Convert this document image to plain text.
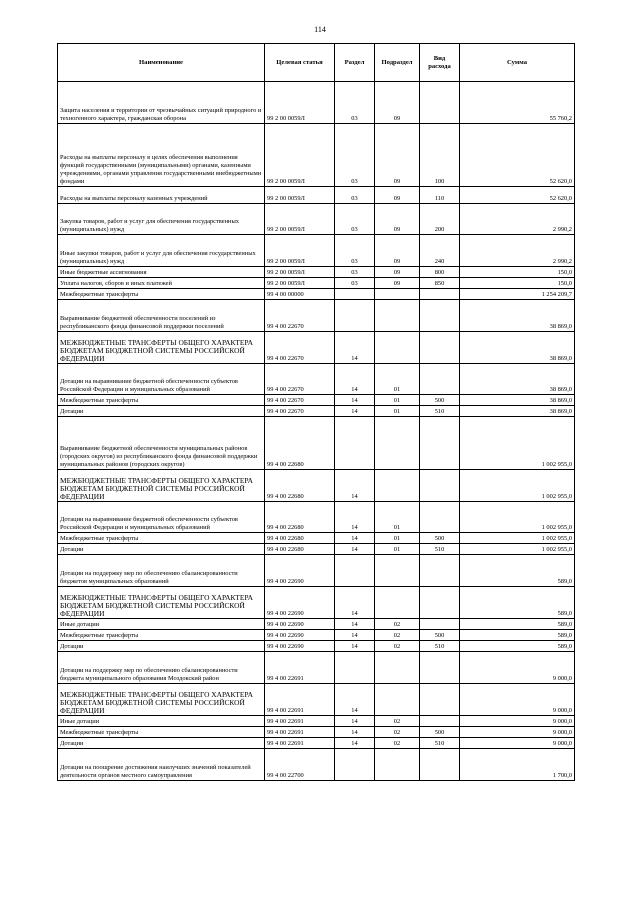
114
Наименование	Целевая статья	Раздел	Подраздел	Вид расхода	Сумма
Защита населения и территории от чрезвычайных ситуаций природного и техногенного характера, гражданская оборона	99 2 00 0059Л	03	09		55 760,2
Расходы на выплаты персоналу в целях обеспечения выполнения функций государственными (муниципальными) органами, казенными учреждениями, органами управления государственными внебюджетными фондами	99 2 00 0059Л	03	09	100	52 620,0
Расходы на выплаты персоналу казенных учреждений	99 2 00 0059Л	03	09	110	52 620,0
Закупка товаров, работ и услуг для обеспечения государственных (муниципальных) нужд	99 2 00 0059Л	03	09	200	2 990,2
Иные закупки товаров, работ и услуг для обеспечения государственных (муниципальных) нужд	99 2 00 0059Л	03	09	240	2 990,2
Иные бюджетные ассигнования	99 2 00 0059Л	03	09	800	150,0
Уплата налогов, сборов и иных платежей	99 2 00 0059Л	03	09	850	150,0
Межбюджетные трансферты	99 4 00 00000				1 254 209,7
Выравнивание бюджетной обеспеченности поселений из республиканского фонда финансовой поддержки поселений	99 4 00 22670				38 869,0
МЕЖБЮДЖЕТНЫЕ ТРАНСФЕРТЫ ОБЩЕГО ХАРАКТЕРА БЮДЖЕТАМ БЮДЖЕТНОЙ СИСТЕМЫ РОССИЙСКОЙ ФЕДЕРАЦИИ	99 4 00 22670	14			38 869,0
Дотации на выравнивание бюджетной обеспеченности субъектов Российской Федерации и муниципальных образований	99 4 00 22670	14	01		38 869,0
Межбюджетные трансферты	99 4 00 22670	14	01	500	38 869,0
Дотации	99 4 00 22670	14	01	510	38 869,0
Выравнивание бюджетной обеспеченности муниципальных районов (городских округов) из республиканского фонда финансовой поддержки муниципальных районов (городских округов)	99 4 00 22680				1 002 955,0
МЕЖБЮДЖЕТНЫЕ ТРАНСФЕРТЫ ОБЩЕГО ХАРАКТЕРА БЮДЖЕТАМ БЮДЖЕТНОЙ СИСТЕМЫ РОССИЙСКОЙ ФЕДЕРАЦИИ	99 4 00 22680	14			1 002 955,0
Дотации на выравнивание бюджетной обеспеченности субъектов Российской Федерации и муниципальных образований	99 4 00 22680	14	01		1 002 955,0
Межбюджетные трансферты	99 4 00 22680	14	01	500	1 002 955,0
Дотации	99 4 00 22680	14	01	510	1 002 955,0
Дотации на поддержку мер по обеспечению сбалансированности бюджетов муниципальных образований	99 4 00 22690				589,0
МЕЖБЮДЖЕТНЫЕ ТРАНСФЕРТЫ ОБЩЕГО ХАРАКТЕРА БЮДЖЕТАМ БЮДЖЕТНОЙ СИСТЕМЫ РОССИЙСКОЙ ФЕДЕРАЦИИ	99 4 00 22690	14			589,0
Иные дотации	99 4 00 22690	14	02		589,0
Межбюджетные трансферты	99 4 00 22690	14	02	500	589,0
Дотации	99 4 00 22690	14	02	510	589,0
Дотации на поддержку мер по обеспечению сбалансированности бюджета муниципального образования Моздокский район	99 4 00 22691				9 000,0
МЕЖБЮДЖЕТНЫЕ ТРАНСФЕРТЫ ОБЩЕГО ХАРАКТЕРА БЮДЖЕТАМ БЮДЖЕТНОЙ СИСТЕМЫ РОССИЙСКОЙ ФЕДЕРАЦИИ	99 4 00 22691	14			9 000,0
Иные дотации	99 4 00 22691	14	02		9 000,0
Межбюджетные трансферты	99 4 00 22691	14	02	500	9 000,0
Дотации	99 4 00 22691	14	02	510	9 000,0
Дотации на поощрение достижения наилучших значений показателей деятельности органов местного самоуправления	99 4 00 22700				1 700,0
